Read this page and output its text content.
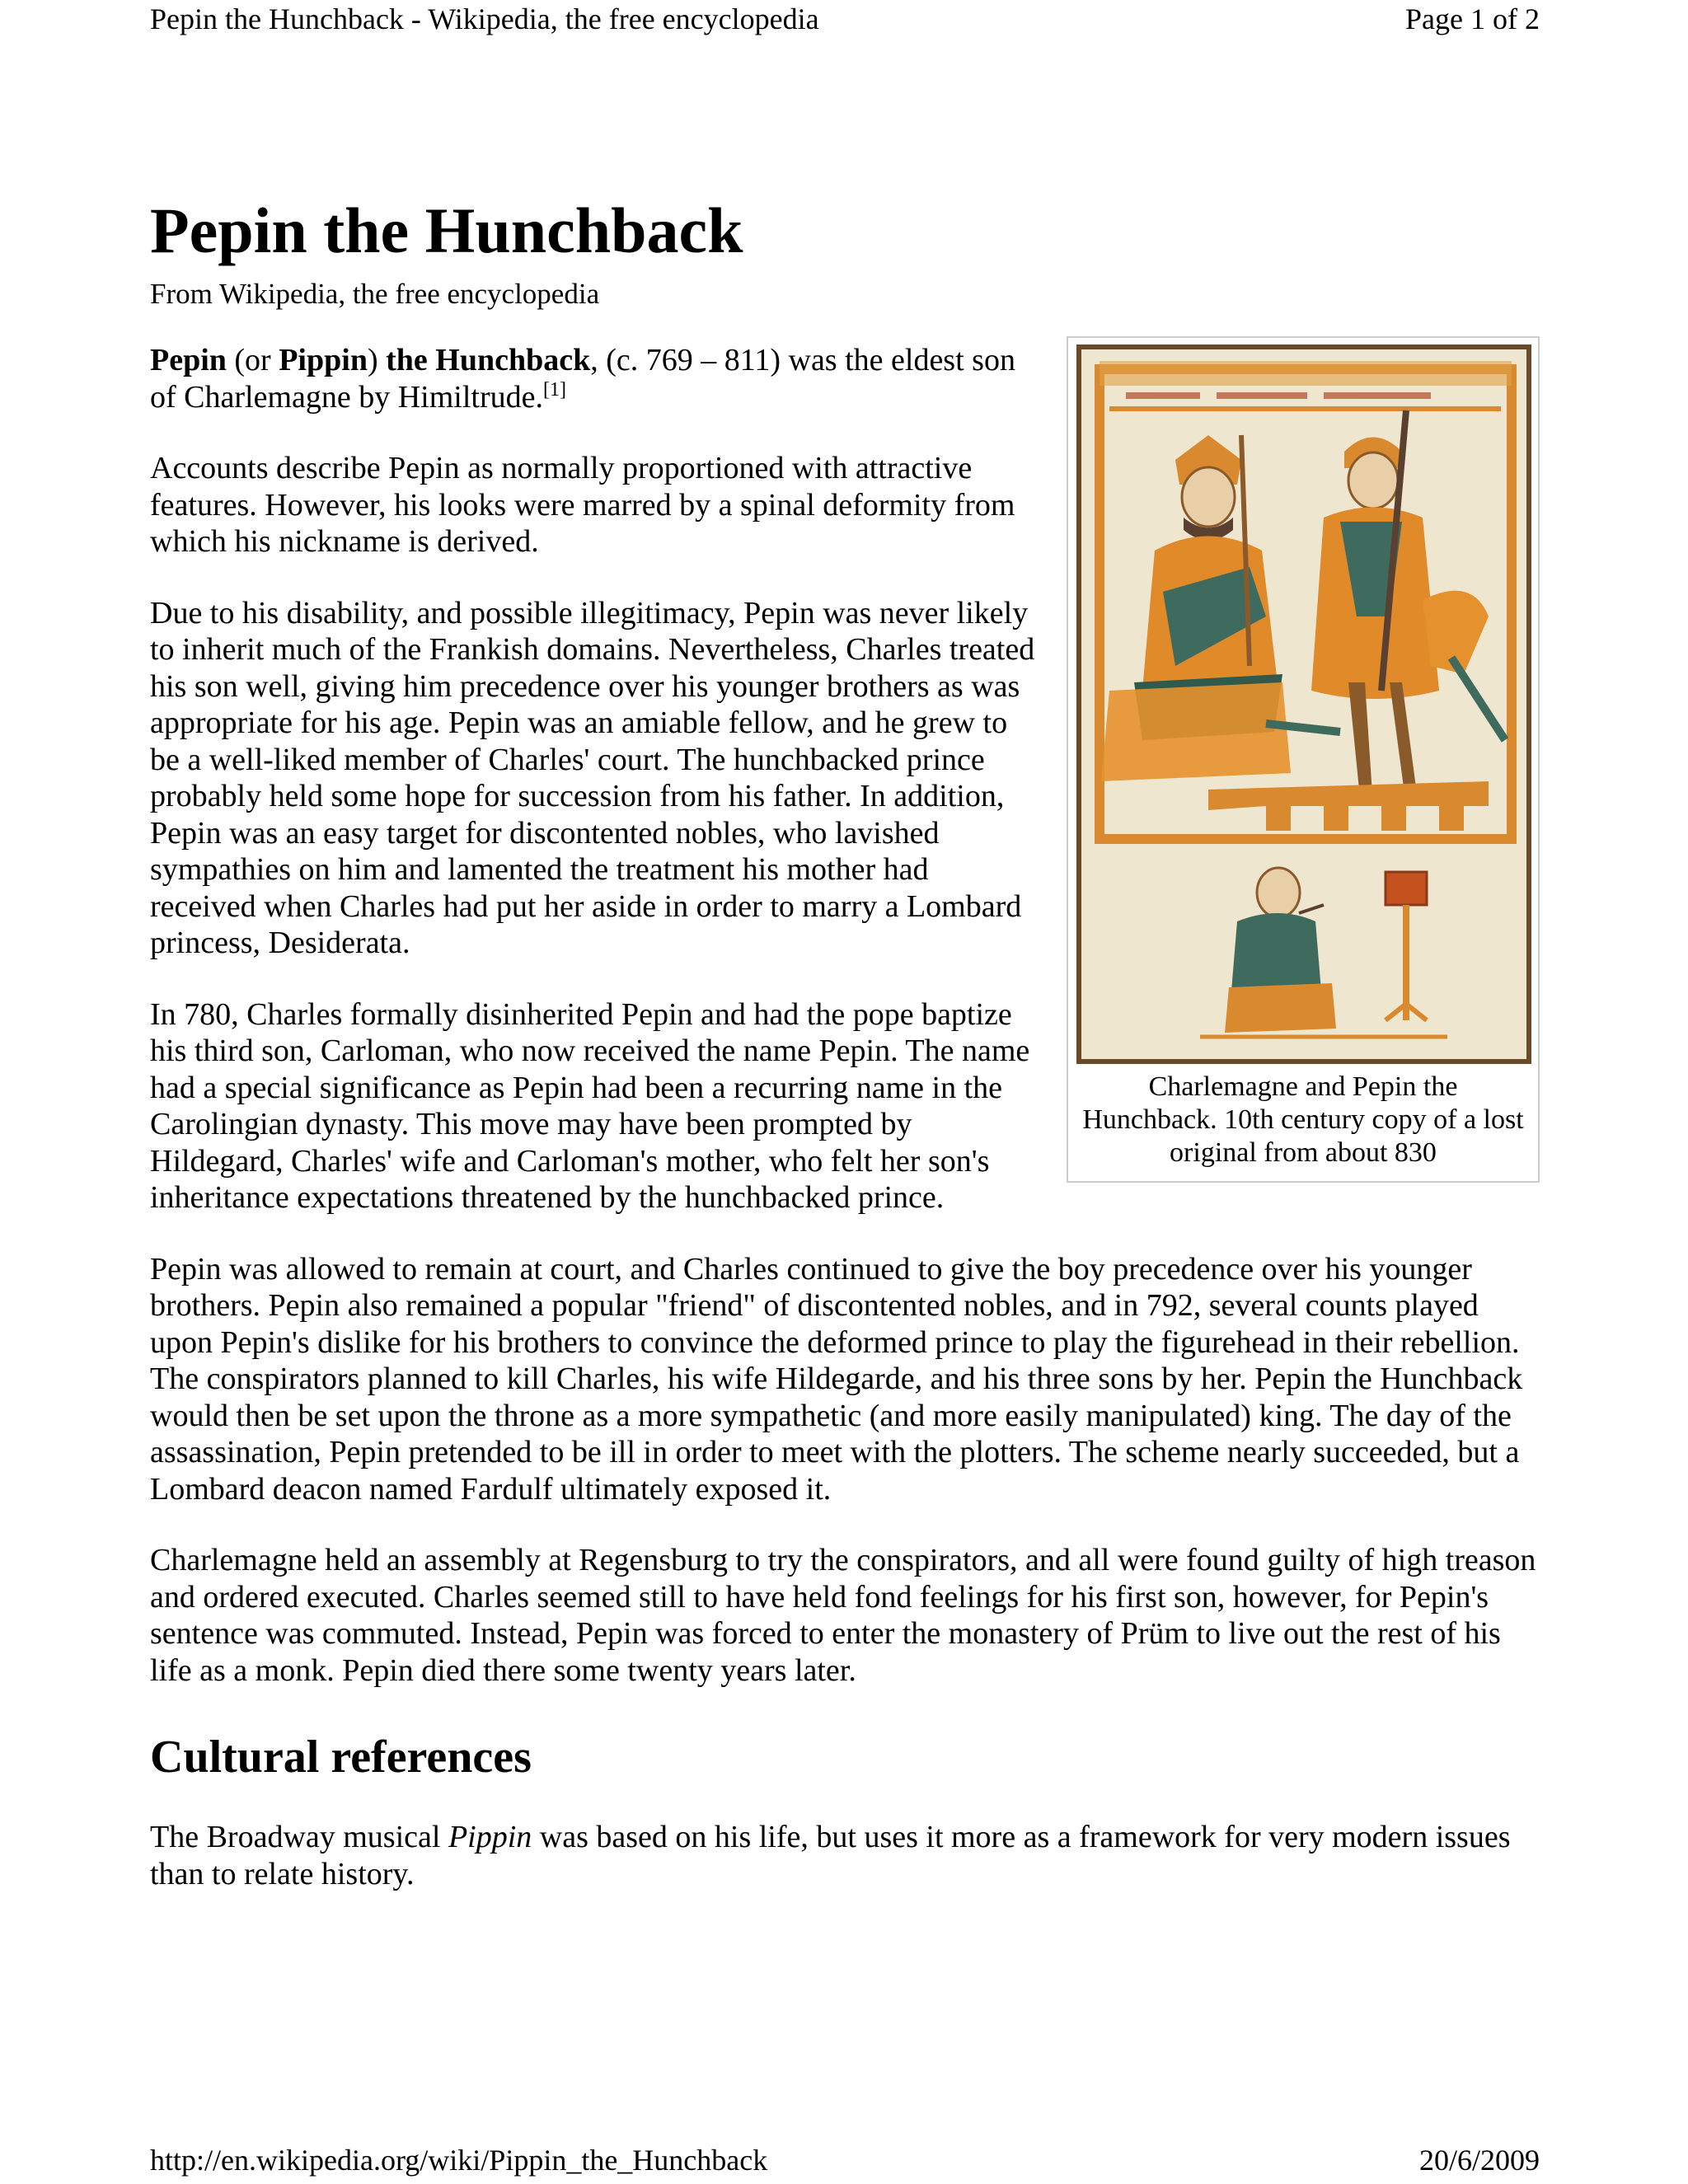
Pepin the Hunchback - Wikipedia, the free encyclopedia	Page 1 of 2
Pepin the Hunchback
From Wikipedia, the free encyclopedia
Charlemagne and Pepin the Hunchback. 10th century copy of a lost original from about 830

Pepin (or Pippin) the Hunchback, (c. 769 – 811) was the eldest son of Charlemagne by Himiltrude.[1]

Accounts describe Pepin as normally proportioned with attractive features. However, his looks were marred by a spinal deformity from which his nickname is derived.

Due to his disability, and possible illegitimacy, Pepin was never likely to inherit much of the Frankish domains. Nevertheless, Charles treated his son well, giving him precedence over his younger brothers as was appropriate for his age. Pepin was an amiable fellow, and he grew to be a well-liked member of Charles' court. The hunchbacked prince probably held some hope for succession from his father. In addition, Pepin was an easy target for discontented nobles, who lavished sympathies on him and lamented the treatment his mother had received when Charles had put her aside in order to marry a Lombard princess, Desiderata.

In 780, Charles formally disinherited Pepin and had the pope baptize his third son, Carloman, who now received the name Pepin. The name had a special significance as Pepin had been a recurring name in the Carolingian dynasty. This move may have been prompted by Hildegard, Charles' wife and Carloman's mother, who felt her son's inheritance expectations threatened by the hunchbacked prince.

Pepin was allowed to remain at court, and Charles continued to give the boy precedence over his younger brothers. Pepin also remained a popular "friend" of discontented nobles, and in 792, several counts played upon Pepin's dislike for his brothers to convince the deformed prince to play the figurehead in their rebellion. The conspirators planned to kill Charles, his wife Hildegarde, and his three sons by her. Pepin the Hunchback would then be set upon the throne as a more sympathetic (and more easily manipulated) king. The day of the assassination, Pepin pretended to be ill in order to meet with the plotters. The scheme nearly succeeded, but a Lombard deacon named Fardulf ultimately exposed it.

Charlemagne held an assembly at Regensburg to try the conspirators, and all were found guilty of high treason and ordered executed. Charles seemed still to have held fond feelings for his first son, however, for Pepin's sentence was commuted. Instead, Pepin was forced to enter the monastery of Prüm to live out the rest of his life as a monk. Pepin died there some twenty years later.

Cultural references

The Broadway musical Pippin was based on his life, but uses it more as a framework for very modern issues than to relate history.

http://en.wikipedia.org/wiki/Pippin_the_Hunchback	20/6/2009
